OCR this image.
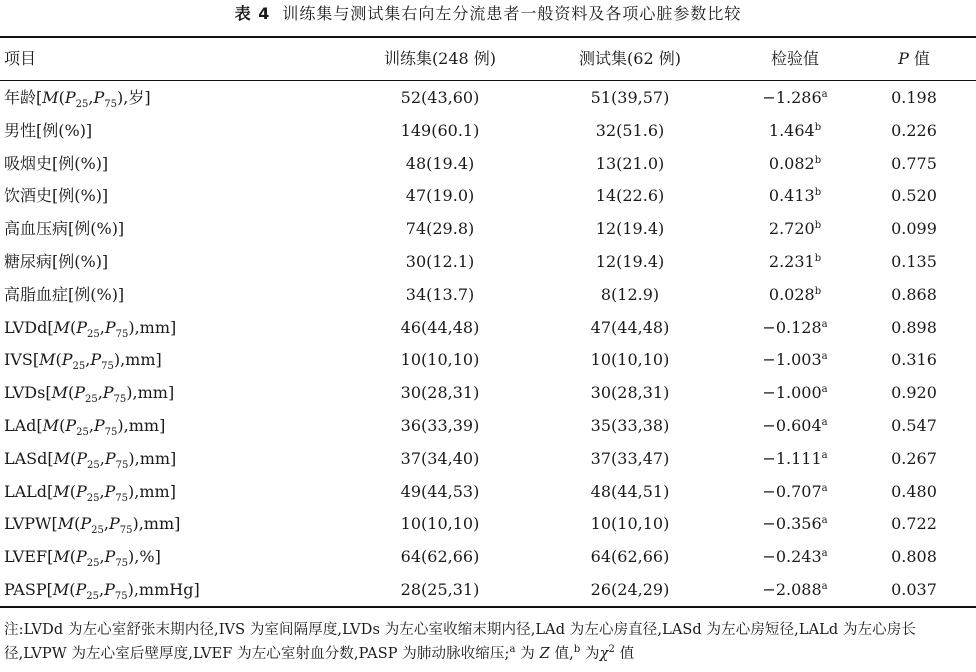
表 4 训练集与测试集右向左分流患者一般资料及各项心脏参数比较
项目	训练集(248 例)	测试集(62 例)	检验值	P 值
年龄[$M(P_{25},P_{75})$,岁]	52(43,60)	51(39,57)	−1.286$^a$	0.198
男性[例(%)]	149(60.1)	32(51.6)	1.464$^b$	0.226
吸烟史[例(%)]	48(19.4)	13(21.0)	0.082$^b$	0.775
饮酒史[例(%)]	47(19.0)	14(22.6)	0.413$^b$	0.520
高血压病[例(%)]	74(29.8)	12(19.4)	2.720$^b$	0.099
糖尿病[例(%)]	30(12.1)	12(19.4)	2.231$^b$	0.135
高脂血症[例(%)]	34(13.7)	8(12.9)	0.028$^b$	0.868
$LVDd[M(P_{25},P_{75}),mm]$	46(44,48)	47(44,48)	−0.128$^a$	0.898
$IVS[M(P_{25},P_{75}),mm]$	10(10,10)	10(10,10)	−1.003$^a$	0.316
$LVDs[M(P_{25},P_{75}),mm]$	30(28,31)	30(28,31)	−1.000$^a$	0.920
$LAd[M(P_{25},P_{75}),mm]$	36(33,39)	35(33,38)	−0.604$^a$	0.547
$LASd[M(P_{25},P_{75}),mm]$	37(34,40)	37(33,47)	−1.111$^a$	0.267
$LALd[M(P_{25},P_{75}),mm]$	49(44,53)	48(44,51)	−0.707$^a$	0.480
$LVPW[M(P_{25},P_{75}),mm]$	10(10,10)	10(10,10)	−0.356$^a$	0.722
$LVEF[M(P_{25},P_{75}),\%]$	64(62,66)	64(62,66)	−0.243$^a$	0.808
$PASP[M(P_{25},P_{75}),mmHg]$	28(25,31)	26(24,29)	−2.088$^a$	0.037
注:LVDd 为左心室舒张末期内径,IVS 为室间隔厚度,LVDs 为左心室收缩末期内径,LAd 为左心房直径,LASd 为左心房短径,LALd 为左心房长径,LVPW 为左心室后壁厚度,LVEF 为左心室射血分数,PASP 为肺动脉收缩压;$^a$ 为 Z 值,$^b$ 为$\chi^2$ 值
